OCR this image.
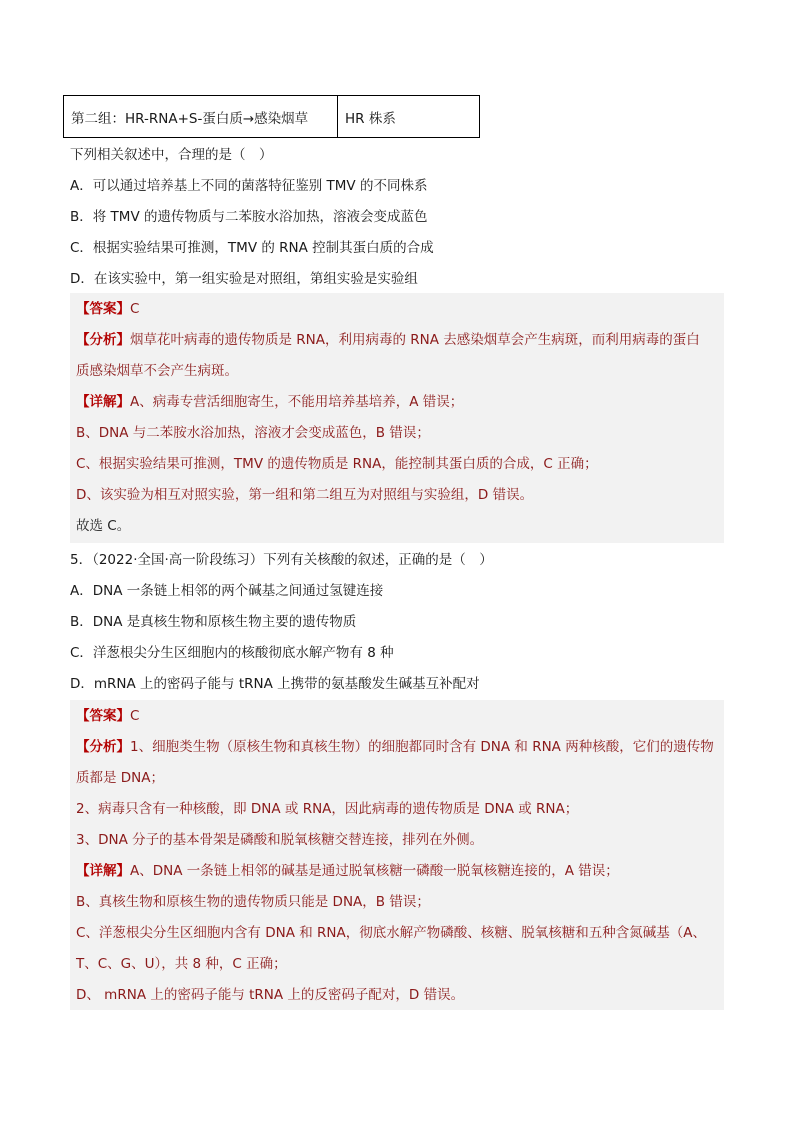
第二组：HR-RNA+S-蛋白质→感染烟草	HR 株系
下列相关叙述中，合理的是（　）
A．可以通过培养基上不同的菌落特征鉴别 TMV 的不同株系
B．将 TMV 的遗传物质与二苯胺水浴加热，溶液会变成蓝色
C．根据实验结果可推测，TMV 的 RNA 控制其蛋白质的合成
D．在该实验中，第一组实验是对照组，第组实验是实验组
【答案】C
【分析】烟草花叶病毒的遗传物质是 RNA，利用病毒的 RNA 去感染烟草会产生病斑，而利用病毒的蛋白
质感染烟草不会产生病斑。
【详解】A、病毒专营活细胞寄生，不能用培养基培养，A 错误；
B、DNA 与二苯胺水浴加热，溶液才会变成蓝色，B 错误；
C、根据实验结果可推测，TMV 的遗传物质是 RNA，能控制其蛋白质的合成，C 正确；
D、该实验为相互对照实验，第一组和第二组互为对照组与实验组，D 错误。
故选 C。
5．（2022·全国·高一阶段练习）下列有关核酸的叙述，正确的是（　）
A．DNA 一条链上相邻的两个碱基之间通过氢键连接
B．DNA 是真核生物和原核生物主要的遗传物质
C．洋葱根尖分生区细胞内的核酸彻底水解产物有 8 种
D．mRNA 上的密码子能与 tRNA 上携带的氨基酸发生碱基互补配对
【答案】C
【分析】1、细胞类生物（原核生物和真核生物）的细胞都同时含有 DNA 和 RNA 两种核酸，它们的遗传物
质都是 DNA；
2、病毒只含有一种核酸，即 DNA 或 RNA，因此病毒的遗传物质是 DNA 或 RNA；
3、DNA 分子的基本骨架是磷酸和脱氧核糖交替连接，排列在外侧。
【详解】A、DNA 一条链上相邻的碱基是通过脱氧核糖一磷酸一脱氧核糖连接的，A 错误；
B、真核生物和原核生物的遗传物质只能是 DNA，B 错误；
C、洋葱根尖分生区细胞内含有 DNA 和 RNA，彻底水解产物磷酸、核糖、脱氧核糖和五种含氮碱基（A、
T、C、G、U），共 8 种，C 正确；
D、 mRNA 上的密码子能与 tRNA 上的反密码子配对，D 错误。
